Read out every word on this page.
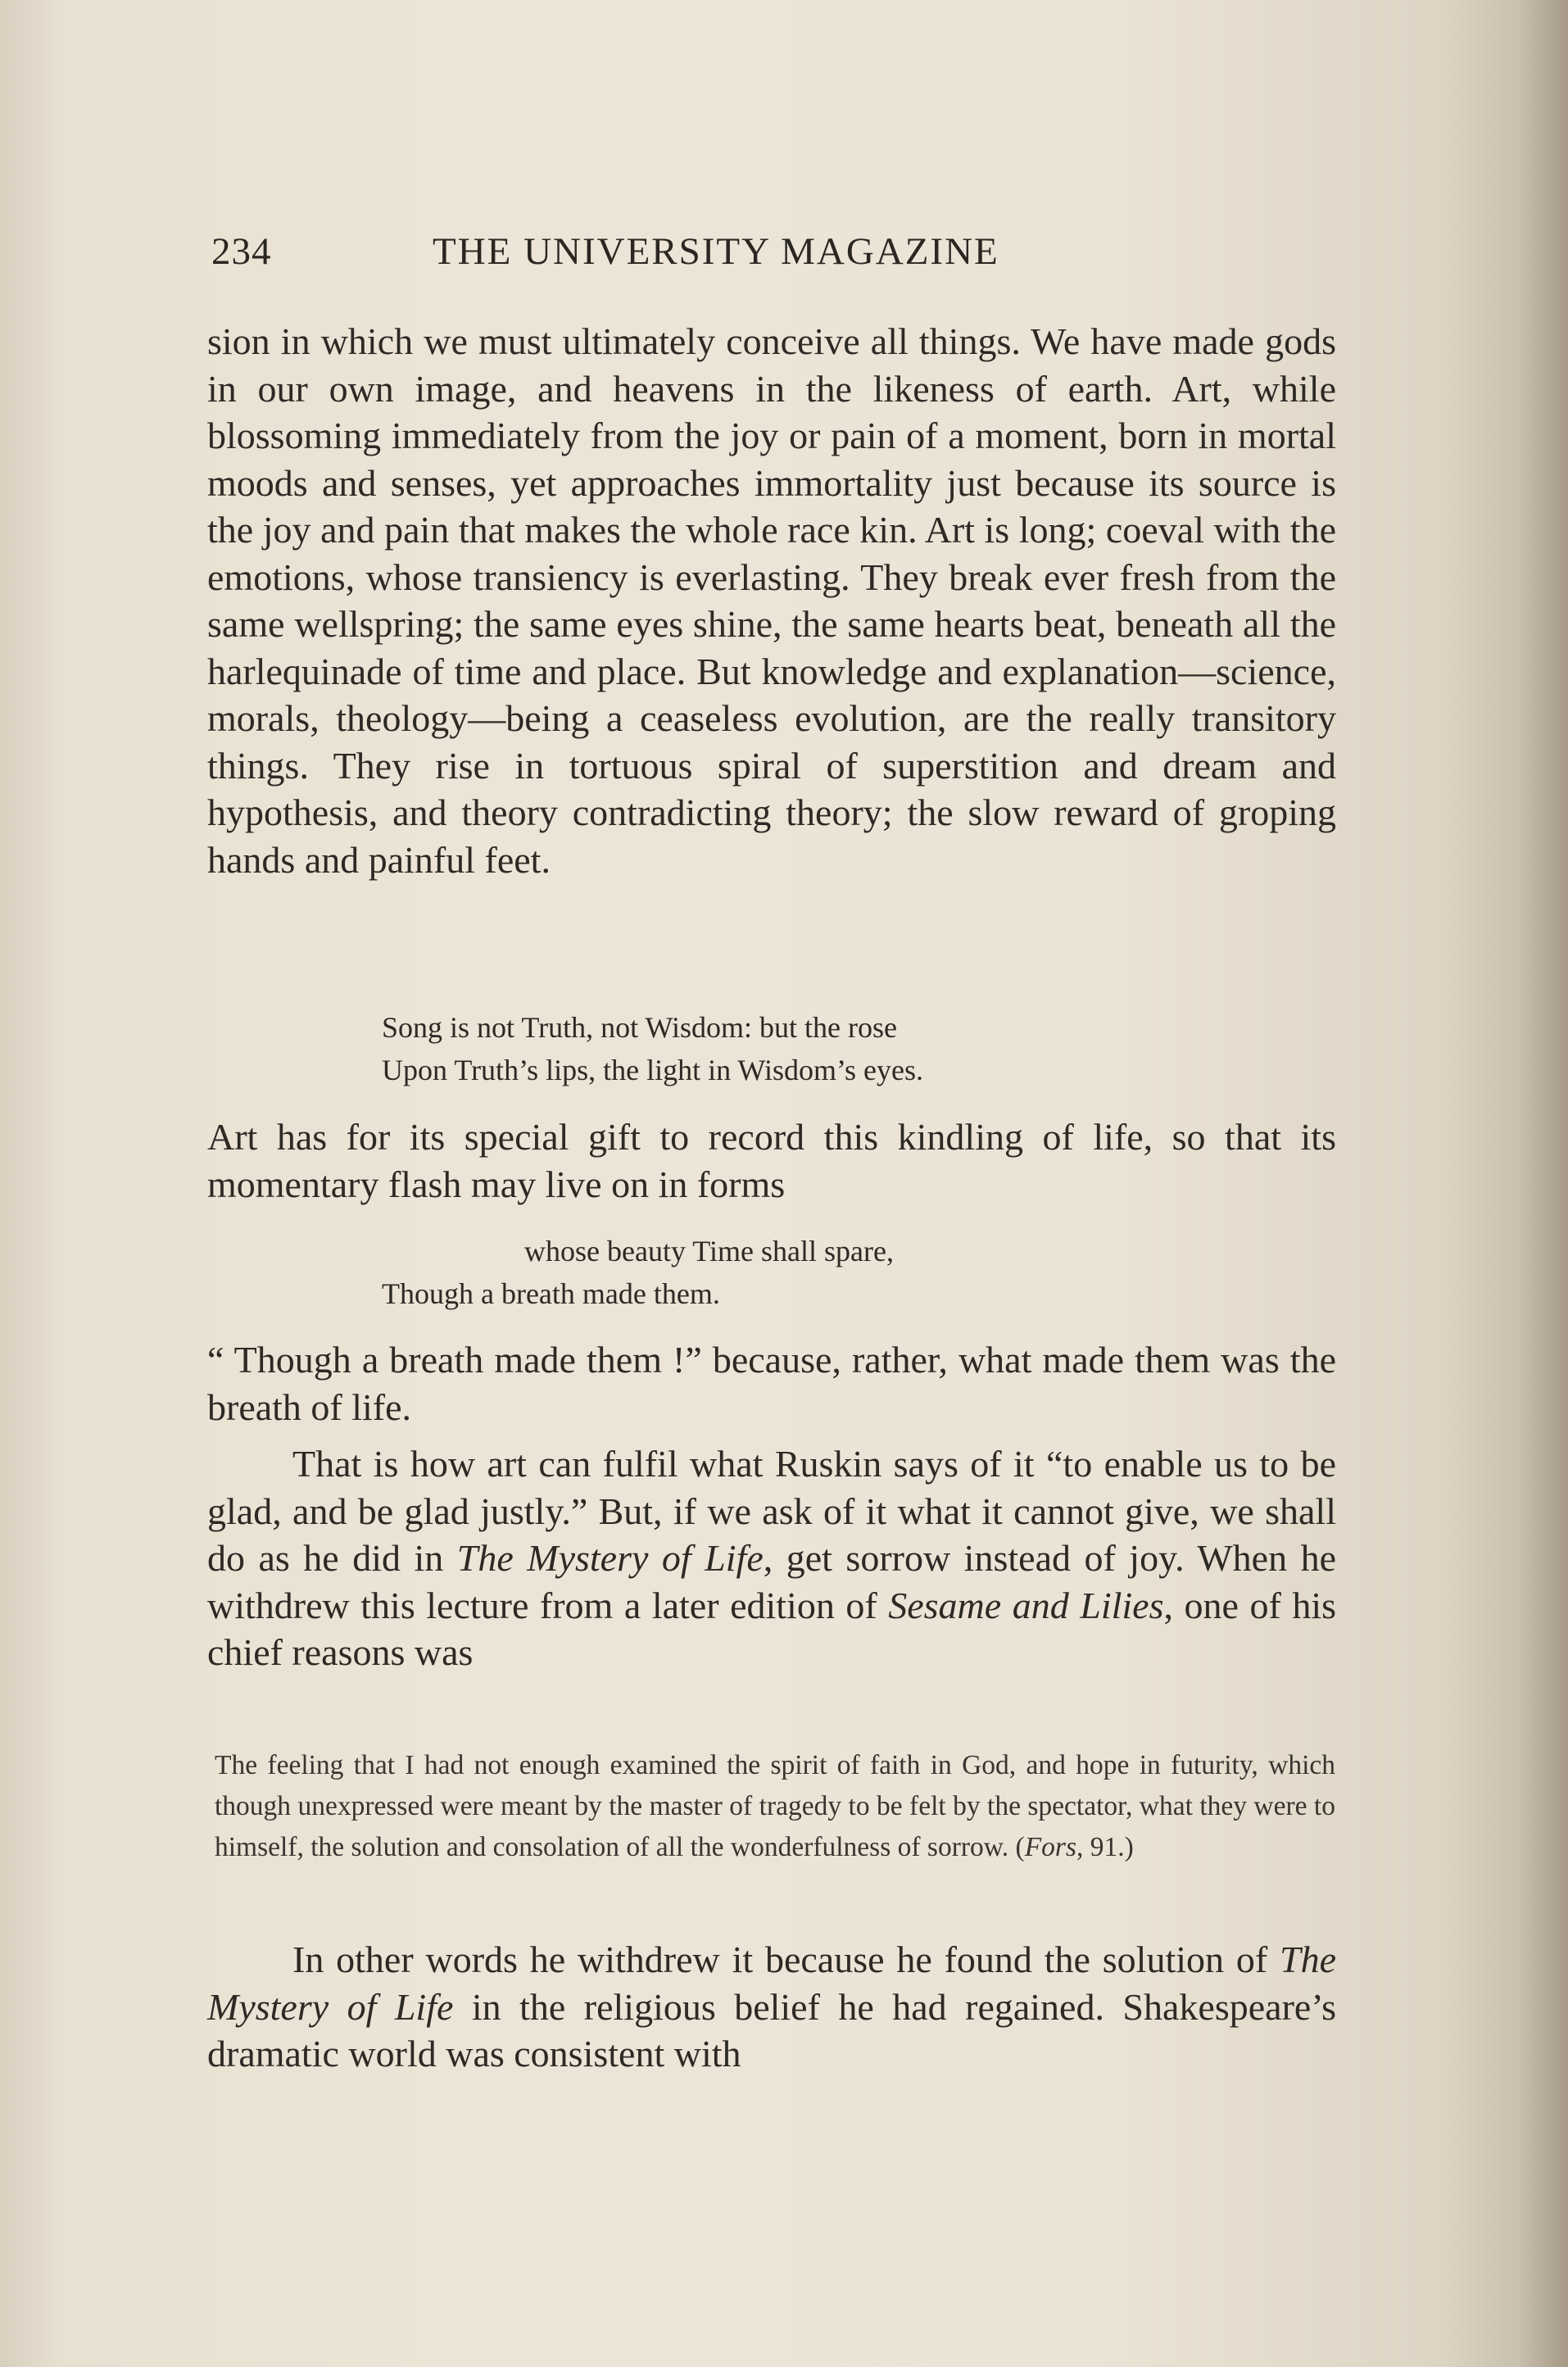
234	THE UNIVERSITY MAGAZINE

sion in which we must ultimately conceive all things. We have made gods in our own image, and heavens in the likeness of earth. Art, while blossoming immediately from the joy or pain of a moment, born in mortal moods and senses, yet approaches immortality just because its source is the joy and pain that makes the whole race kin. Art is long; coeval with the emotions, whose transiency is everlasting. They break ever fresh from the same wellspring; the same eyes shine, the same hearts beat, beneath all the harlequinade of time and place. But knowledge and explanation—science, morals, theology—being a ceaseless evolution, are the really transitory things. They rise in tortuous spiral of superstition and dream and hypothesis, and theory contradicting theory; the slow reward of groping hands and painful feet.

Song is not Truth, not Wisdom: but the rose
Upon Truth’s lips, the light in Wisdom’s eyes.

Art has for its special gift to record this kindling of life, so that its momentary flash may live on in forms

whose beauty Time shall spare,
Though a breath made them.

“ Though a breath made them !” because, rather, what made them was the breath of life.

That is how art can fulfil what Ruskin says of it “to enable us to be glad, and be glad justly.” But, if we ask of it what it cannot give, we shall do as he did in The Mystery of Life, get sorrow instead of joy. When he withdrew this lecture from a later edition of Sesame and Lilies, one of his chief reasons was

The feeling that I had not enough examined the spirit of faith in God, and hope in futurity, which though unexpressed were meant by the master of tragedy to be felt by the spectator, what they were to himself, the solution and consolation of all the wonderfulness of sorrow. (Fors, 91.)

In other words he withdrew it because he found the solution of The Mystery of Life in the religious belief he had regained. Shakespeare’s dramatic world was consistent with
